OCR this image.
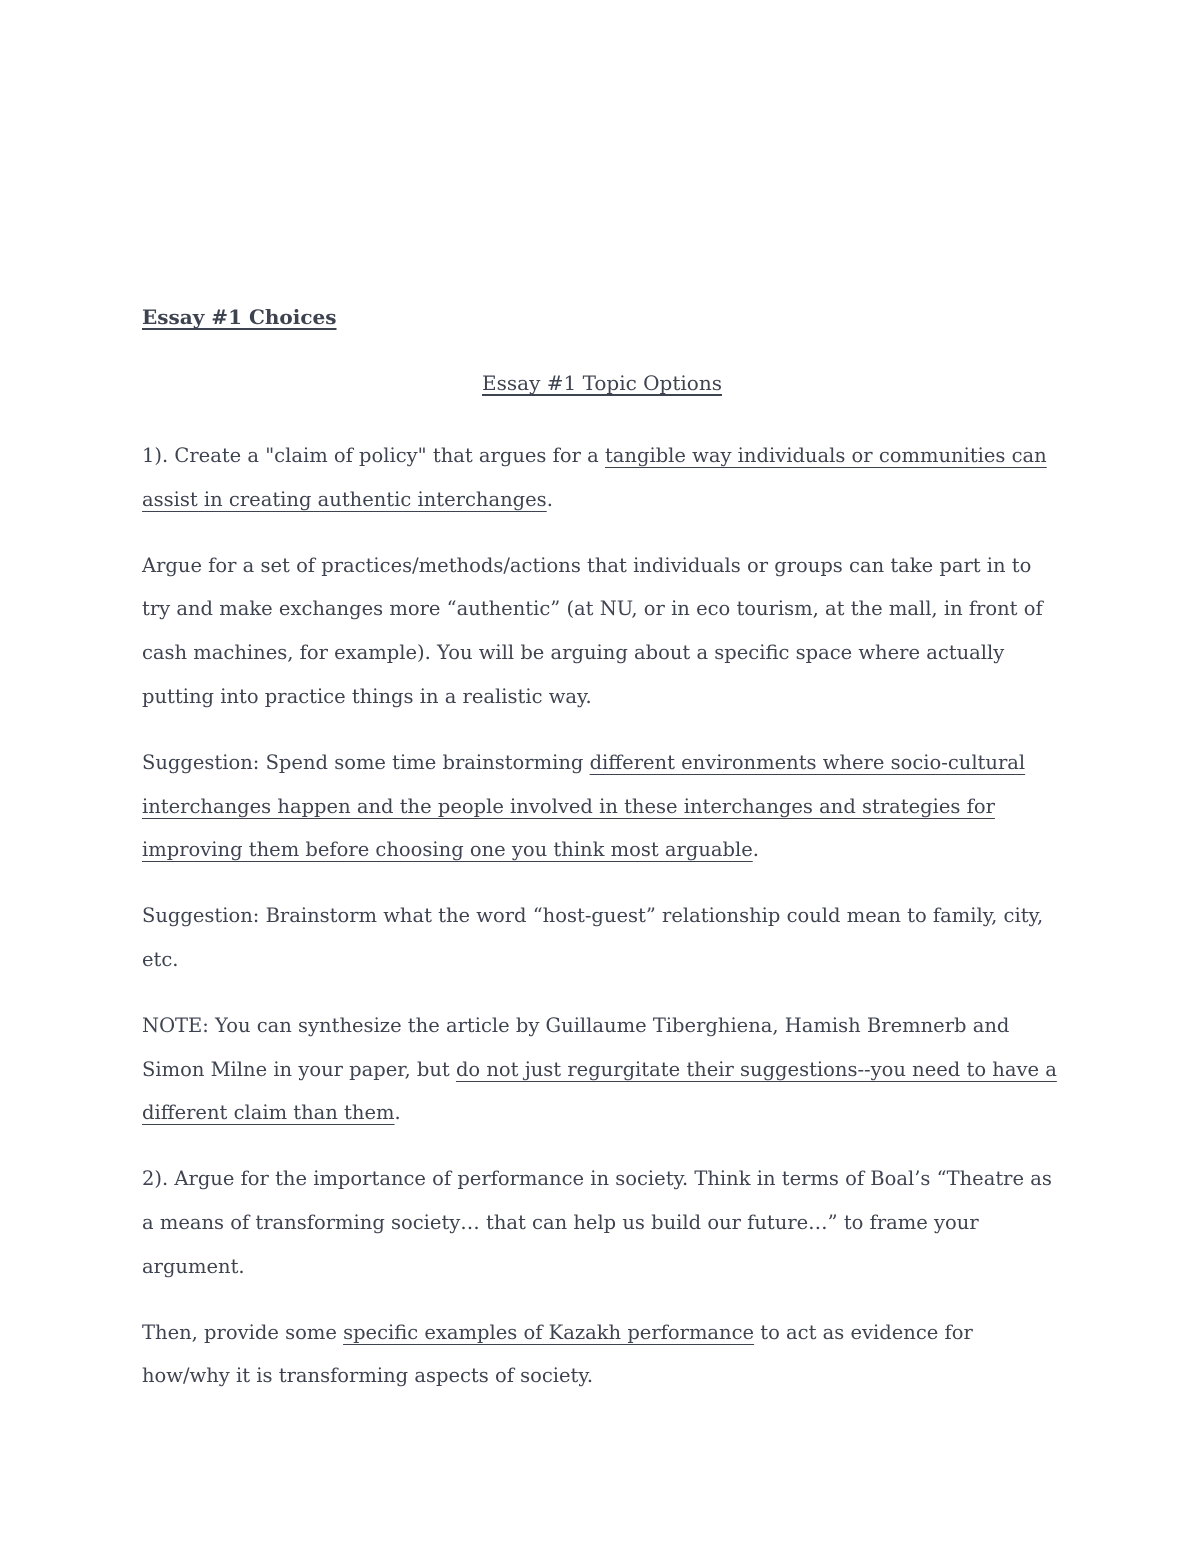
Essay #1 Choices
Essay #1 Topic Options

1). Create a "claim of policy" that argues for a tangible way individuals or communities can assist in creating authentic interchanges.

Argue for a set of practices/methods/actions that individuals or groups can take part in to try and make exchanges more “authentic” (at NU, or in eco tourism, at the mall, in front of cash machines, for example). You will be arguing about a specific space where actually putting into practice things in a realistic way.

Suggestion: Spend some time brainstorming different environments where socio-cultural interchanges happen and the people involved in these interchanges and strategies for improving them before choosing one you think most arguable.

Suggestion: Brainstorm what the word “host-guest” relationship could mean to family, city, etc.

NOTE: You can synthesize the article by Guillaume Tiberghiena, Hamish Bremnerb and Simon Milne in your paper, but do not just regurgitate their suggestions--you need to have a different claim than them.

2). Argue for the importance of performance in society. Think in terms of Boal’s “Theatre as a means of transforming society… that can help us build our future…” to frame your argument.

Then, provide some specific examples of Kazakh performance to act as evidence for how/why it is transforming aspects of society.
